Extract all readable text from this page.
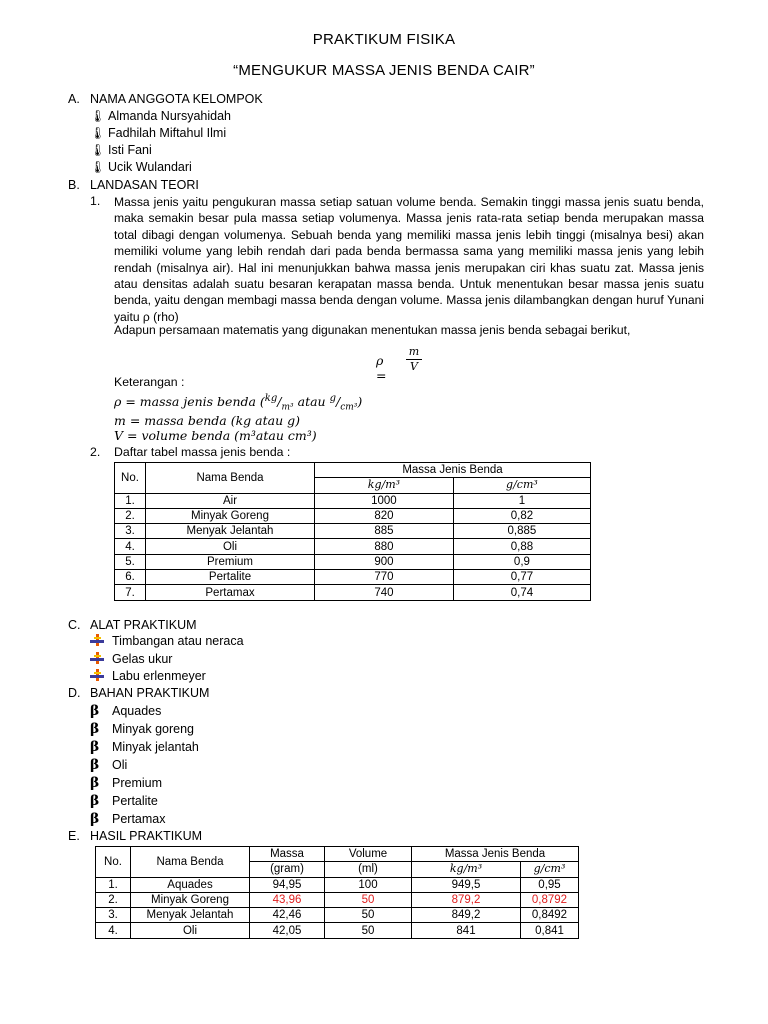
PRAKTIKUM FISIKA
“MENGUKUR MASSA JENIS BENDA CAIR”
A. NAMA ANGGOTA KELOMPOK
🌡 Almanda Nursyahidah
🌡 Fadhilah Miftahul Ilmi
🌡 Isti Fani
🌡 Ucik Wulandari
B. LANDASAN TEORI
1. Massa jenis yaitu pengukuran massa setiap satuan volume benda. Semakin tinggi massa jenis suatu benda, maka semakin besar pula massa setiap volumenya. Massa jenis rata-rata setiap benda merupakan massa total dibagi dengan volumenya. Sebuah benda yang memiliki massa jenis lebih tinggi (misalnya besi) akan memiliki volume yang lebih rendah dari pada benda bermassa sama yang memiliki massa jenis yang lebih rendah (misalnya air). Hal ini menunjukkan bahwa massa jenis merupakan ciri khas suatu zat. Massa jenis atau densitas adalah suatu besaran kerapatan massa benda. Untuk menentukan besar massa jenis suatu benda, yaitu dengan membagi massa benda dengan volume. Massa jenis dilambangkan dengan huruf Yunani yaitu ρ (rho)
Adapun persamaan matematis yang digunakan menentukan massa jenis benda sebagai berikut,
ρ =
m
V
Keterangan :
ρ = massa jenis benda ($^{kg}/_{m^3}$ atau $^g/_{cm^3}$)
m = massa benda (kg atau g)
V = volume benda (m³atau cm³)
2. Daftar tabel massa jenis benda :
No.	Nama Benda	Massa Jenis Benda	
		kg/m³	g/cm³
1.	Air	1000	1
2.	Minyak Goreng	820	0,82
3.	Menyak Jelantah	885	0,885
4.	Oli	880	0,88
5.	Premium	900	0,9
6.	Pertalite	770	0,77
7.	Pertamax	740	0,74
C. ALAT PRAKTIKUM
Timbangan atau neraca
Gelas ukur
Labu erlenmeyer
D. BAHAN PRAKTIKUM
β Aquades
β Minyak goreng
β Minyak jelantah
β Oli
β Premium
β Pertalite
β Pertamax
E. HASIL PRAKTIKUM
No.	Nama Benda	Massa	Volume	Massa Jenis Benda	
		(gram)	(ml)	kg/m³	g/cm³
1.	Aquades	94,95	100	949,5	0,95
2.	Minyak Goreng	43,96	50	879,2	0,8792
3.	Menyak Jelantah	42,46	50	849,2	0,8492
4.	Oli	42,05	50	841	0,841
